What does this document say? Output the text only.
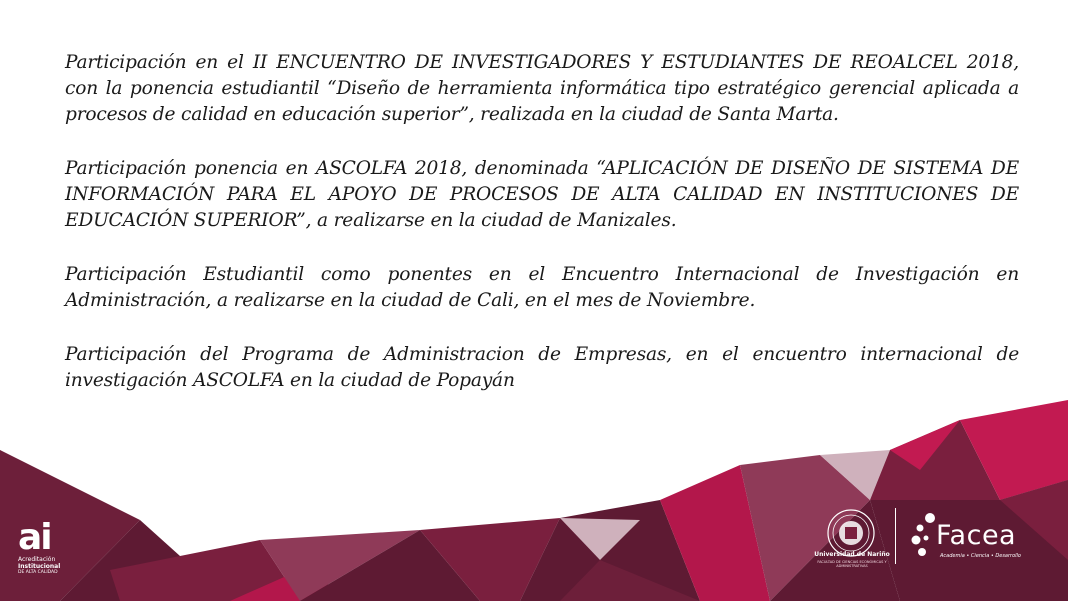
Participación en el II ENCUENTRO DE INVESTIGADORES Y ESTUDIANTES DE REOALCEL 2018, con la ponencia estudiantil “Diseño de herramienta informática tipo estratégico gerencial aplicada a procesos de calidad en educación superior”, realizada en la ciudad de Santa Marta.

Participación ponencia en ASCOLFA 2018, denominada “APLICACIÓN DE DISEÑO DE SISTEMA DE INFORMACIÓN PARA EL APOYO DE PROCESOS DE ALTA CALIDAD EN INSTITUCIONES DE EDUCACIÓN SUPERIOR”, a realizarse en la ciudad de Manizales.

Participación Estudiantil como ponentes en el Encuentro Internacional de Investigación en Administración, a realizarse en la ciudad de Cali, en el mes de Noviembre.

Participación del Programa de Administracion de Empresas, en el encuentro internacional de investigación ASCOLFA en la ciudad de Popayán

ai
Acreditación
Institucional
DE ALTA CALIDAD
Universidad de Nariño
FACULTAD DE CIENCIAS ECONÓMICAS Y ADMINISTRATIVAS
Facea
Academia • Ciencia • Desarrollo
